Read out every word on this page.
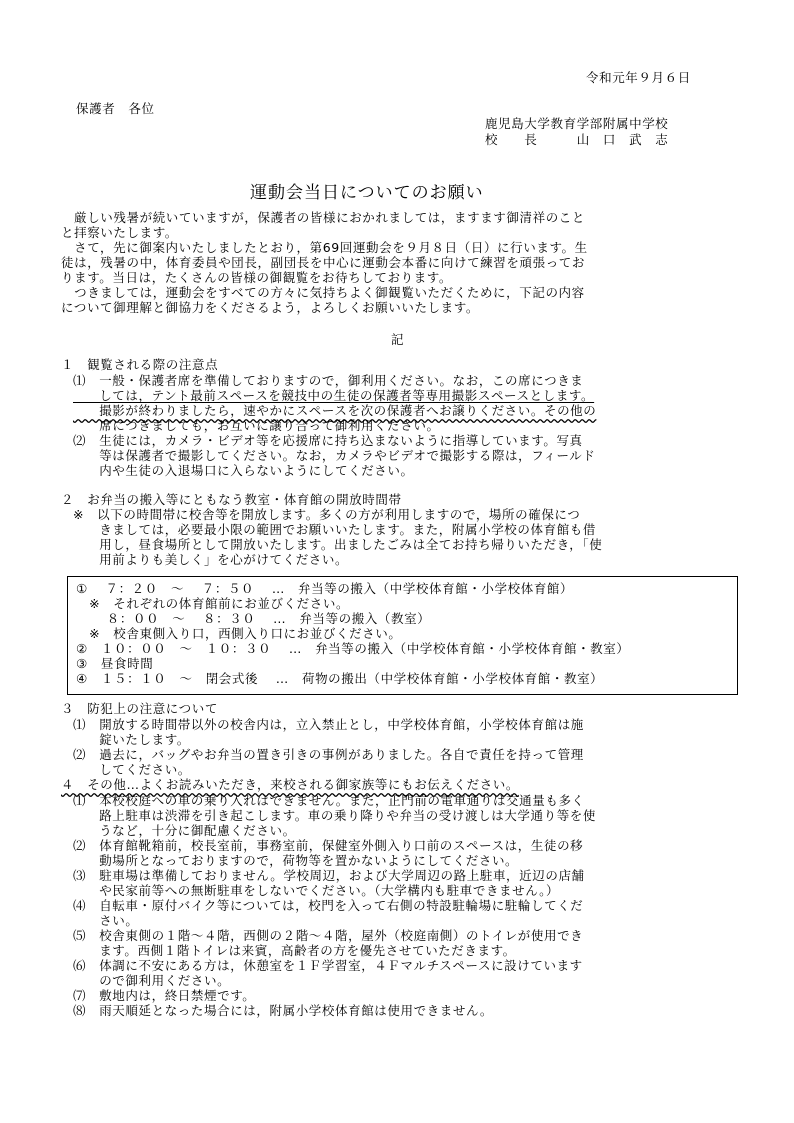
令和元年９月６日
保護者　各位
鹿児島大学教育学部附属中学校
校　　長　　　山　口　武　志
運動会当日についてのお願い
　厳しい残暑が続いていますが，保護者の皆様におかれましては，ますます御清祥のこと
と拝察いたします。
　さて，先に御案内いたしましたとおり，第69回運動会を９月８日（日）に行います。生
徒は，残暑の中，体育委員や団長，副団長を中心に運動会本番に向けて練習を頑張ってお
ります。当日は，たくさんの皆様の御観覧をお待ちしております。
　つきましては，運動会をすべての方々に気持ちよく御観覧いただくために，下記の内容
について御理解と御協力をくださるよう，よろしくお願いいたします。
記
１　観覧される際の注意点
⑴　一般・保護者席を準備しておりますので，御利用ください。なお，この席につきま
　　しては，テント最前スペースを競技中の生徒の保護者等専用撮影スペースとします。
　　撮影が終わりましたら，速やかにスペースを次の保護者へお譲りください。その他の
　　席につきましても，お互いに譲り合って御利用ください。
⑵　生徒には，カメラ・ビデオ等を応援席に持ち込まないように指導しています。写真
　　等は保護者で撮影してください。なお，カメラやビデオで撮影する際は，フィールド
　　内や生徒の入退場口に入らないようにしてください。
２　お弁当の搬入等にともなう教室・体育館の開放時間帯
※　以下の時間帯に校舎等を開放します。多くの方が利用しますので，場所の確保につ
　　きましては，必要最小限の範囲でお願いいたします。また，附属小学校の体育館も借
　　用し，昼食場所として開放いたします。出ましたごみは全てお持ち帰りいただき，「使
　　用前よりも美しく」を心がけてください。
①　 ７：２０　～　 ７：５０　 …　弁当等の搬入（中学校体育館・小学校体育館）
　※　それぞれの体育館前にお並びください。
　　 ８：００　～　 ８：３０　 …　弁当等の搬入（教室）
　※　校舎東側入り口，西側入り口にお並びください。
②　１０：００　～　１０：３０　 …　弁当等の搬入（中学校体育館・小学校体育館・教室）
③　昼食時間
④　１５：１０　～　閉会式後　 …　荷物の搬出（中学校体育館・小学校体育館・教室）
３　防犯上の注意について
⑴　開放する時間帯以外の校舎内は，立入禁止とし，中学校体育館，小学校体育館は施
　　錠いたします。
⑵　過去に，バッグやお弁当の置き引きの事例がありました。各自で責任を持って管理
　　してください。
４　その他…よくお読みいただき，来校される御家族等にもお伝えください。
⑴　本校校庭への車の乗り入れはできません。また，正門前の電車通りは交通量も多く
　　路上駐車は渋滞を引き起こします。車の乗り降りや弁当の受け渡しは大学通り等を使
　　うなど，十分に御配慮ください。
⑵　体育館靴箱前，校長室前，事務室前，保健室外側入り口前のスペースは，生徒の移
　　動場所となっておりますので，荷物等を置かないようにしてください。
⑶　駐車場は準備しておりません。学校周辺，および大学周辺の路上駐車，近辺の店舗
　　や民家前等への無断駐車をしないでください。（大学構内も駐車できません。）
⑷　自転車・原付バイク等については，校門を入って右側の特設駐輪場に駐輪してくだ
　　さい。
⑸　校舎東側の１階～４階，西側の２階～４階，屋外（校庭南側）のトイレが使用でき
　　ます。西側１階トイレは来賓，高齢者の方を優先させていただきます。
⑹　体調に不安にある方は，休憩室を１Ｆ学習室，４Ｆマルチスペースに設けています
　　ので御利用ください。
⑺　敷地内は，終日禁煙です。
⑻　雨天順延となった場合には，附属小学校体育館は使用できません。
